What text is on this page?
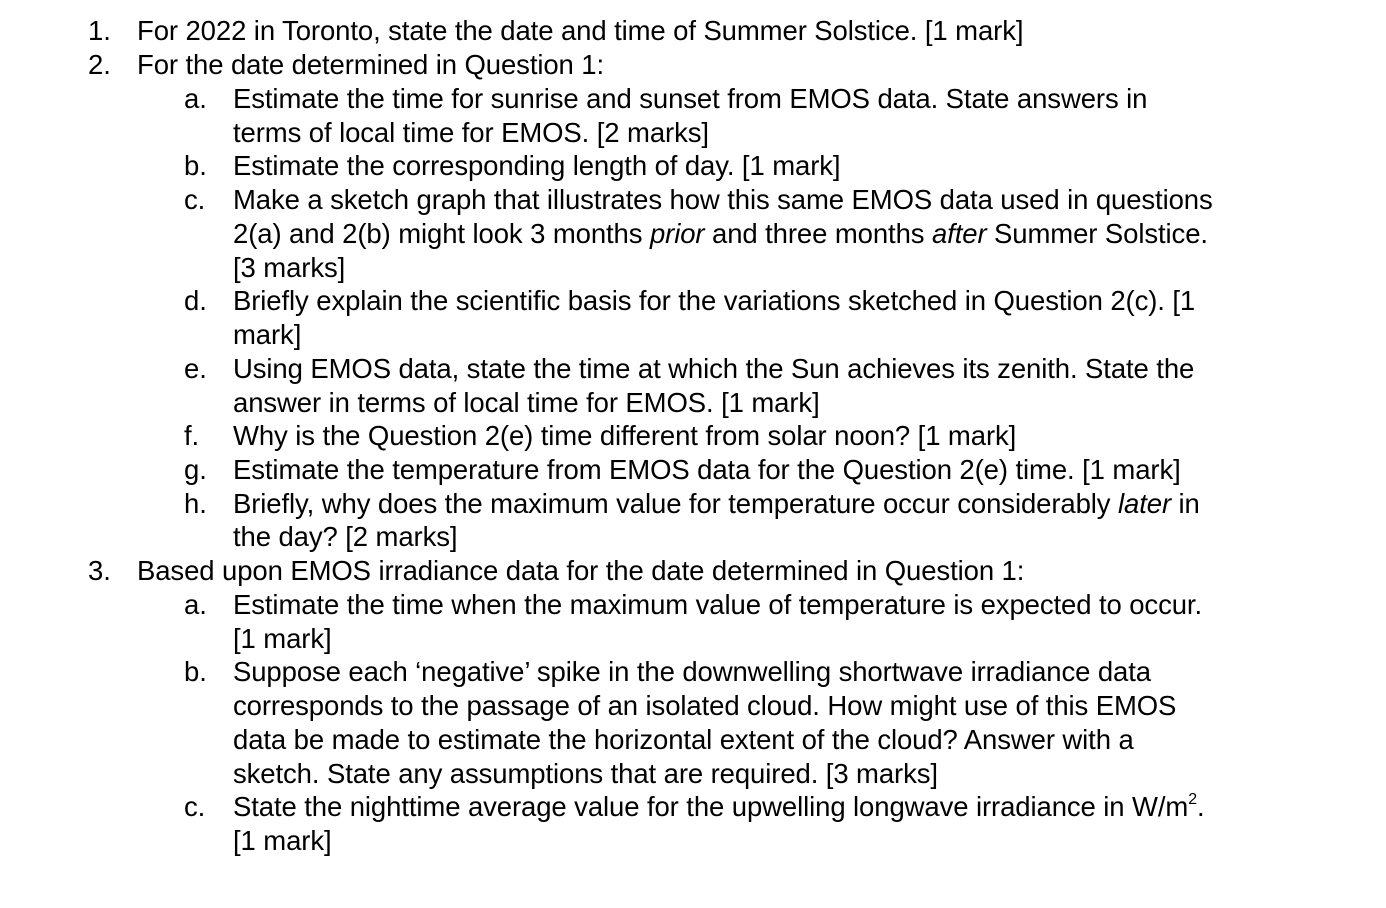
1. For 2022 in Toronto, state the date and time of Summer Solstice. [1 mark]
2. For the date determined in Question 1:
a. Estimate the time for sunrise and sunset from EMOS data. State answers in
terms of local time for EMOS. [2 marks]
b. Estimate the corresponding length of day. [1 mark]
c. Make a sketch graph that illustrates how this same EMOS data used in questions
2(a) and 2(b) might look 3 months prior and three months after Summer Solstice.
[3 marks]
d. Briefly explain the scientific basis for the variations sketched in Question 2(c). [1
mark]
e. Using EMOS data, state the time at which the Sun achieves its zenith. State the
answer in terms of local time for EMOS. [1 mark]
f. Why is the Question 2(e) time different from solar noon? [1 mark]
g. Estimate the temperature from EMOS data for the Question 2(e) time. [1 mark]
h. Briefly, why does the maximum value for temperature occur considerably later in
the day? [2 marks]
3. Based upon EMOS irradiance data for the date determined in Question 1:
a. Estimate the time when the maximum value of temperature is expected to occur.
[1 mark]
b. Suppose each ‘negative’ spike in the downwelling shortwave irradiance data
corresponds to the passage of an isolated cloud. How might use of this EMOS
data be made to estimate the horizontal extent of the cloud? Answer with a
sketch. State any assumptions that are required. [3 marks]
c. State the nighttime average value for the upwelling longwave irradiance in $W/m^2$.
[1 mark]
